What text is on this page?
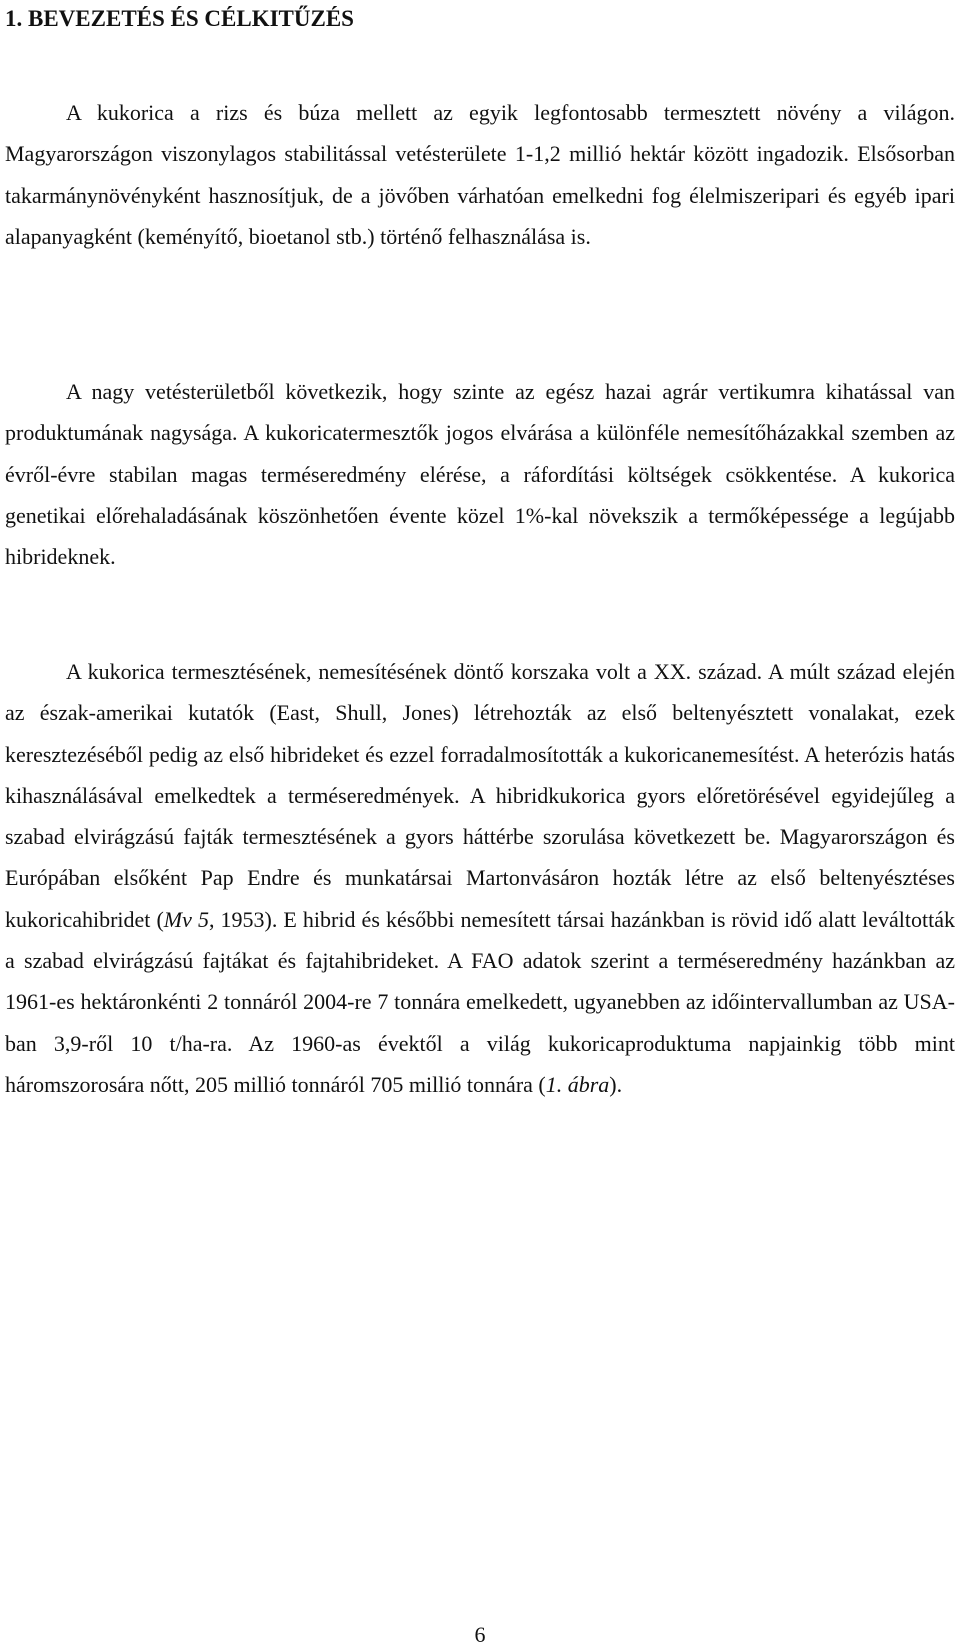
1. BEVEZETÉS ÉS CÉLKITŰZÉS

A kukorica a rizs és búza mellett az egyik legfontosabb termesztett növény a világon. Magyarországon viszonylagos stabilitással vetésterülete 1-1,2 millió hektár között ingadozik. Elsősorban takarmánynövényként hasznosítjuk, de a jövőben várhatóan emelkedni fog élelmiszeripari és egyéb ipari alapanyagként (keményítő, bioetanol stb.) történő felhasználása is.

A nagy vetésterületből következik, hogy szinte az egész hazai agrár vertikumra kihatással van produktumának nagysága. A kukoricatermesztők jogos elvárása a különféle nemesítőházakkal szemben az évről-évre stabilan magas terméseredmény elérése, a ráfordítási költségek csökkentése. A kukorica genetikai előrehaladásának köszönhetően évente közel 1%-kal növekszik a termőképessége a legújabb hibrideknek.

A kukorica termesztésének, nemesítésének döntő korszaka volt a XX. század. A múlt század elején az észak-amerikai kutatók (East, Shull, Jones) létrehozták az első beltenyésztett vonalakat, ezek keresztezéséből pedig az első hibrideket és ezzel forradalmosították a kukoricanemesítést. A heterózis hatás kihasználásával emelkedtek a terméseredmények. A hibridkukorica gyors előretörésével egyidejűleg a szabad elvirágzású fajták termesztésének a gyors háttérbe szorulása következett be. Magyarországon és Európában elsőként Pap Endre és munkatársai Martonvásáron hozták létre az első beltenyésztéses kukoricahibridet (Mv 5, 1953). E hibrid és későbbi nemesített társai hazánkban is rövid idő alatt leváltották a szabad elvirágzású fajtákat és fajtahibrideket. A FAO adatok szerint a terméseredmény hazánkban az 1961-es hektáronkénti 2 tonnáról 2004-re 7 tonnára emelkedett, ugyanebben az időintervallumban az USA-ban 3,9-ről 10 t/ha-ra. Az 1960-as évektől a világ kukoricaproduktuma napjainkig több mint háromszorosára nőtt, 205 millió tonnáról 705 millió tonnára (1. ábra).

6
